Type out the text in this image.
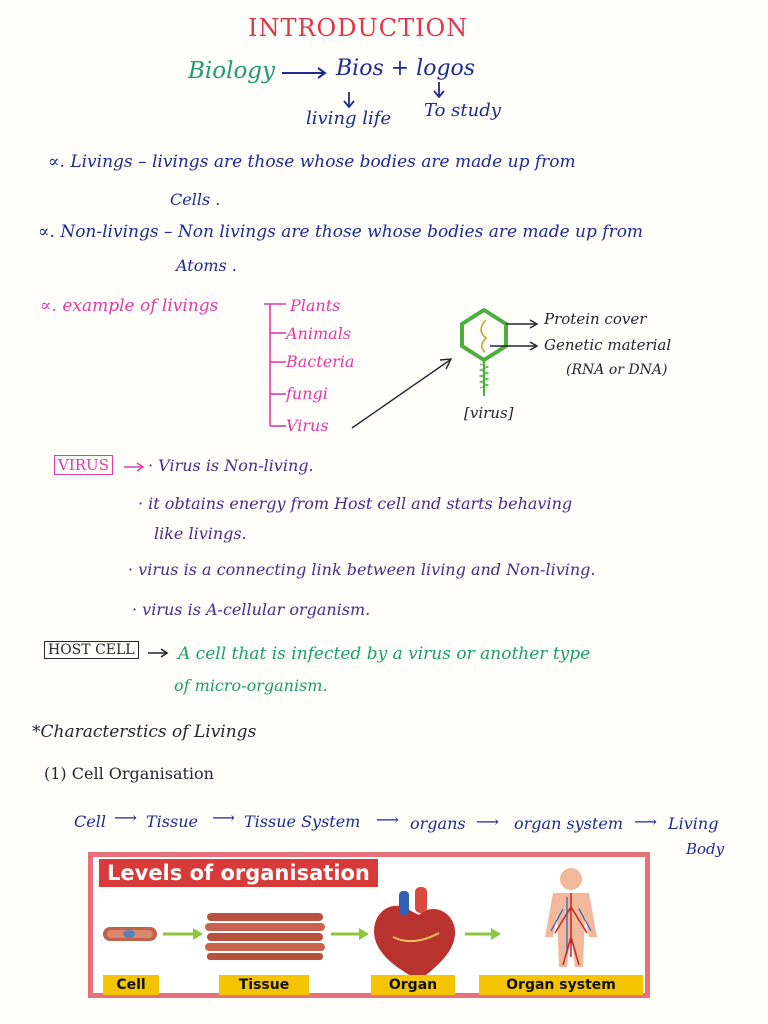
INTRODUCTION
Biology	Bios + logos
living life To study
∝. Livings – livings are those whose bodies are made up from
Cells .
∝. Non-livings – Non livings are those whose bodies are made up from
Atoms .
∝. example of livings	Plants
Animals
Bacteria
fungi
Virus
Protein cover
Genetic material
(RNA or DNA)
[virus]
VIRUS · Virus is Non-living.
· it obtains energy from Host cell and starts behaving
like livings.
· virus is a connecting link between living and Non-living.
· virus is A-cellular organism.
HOST CELL	A cell that is infected by a virus or another type
of micro-organism.
*Characterstics of Livings
(1) Cell Organisation
Cell ⟶ Tissue ⟶ Tissue System ⟶ organs ⟶ organ system ⟶ Living
Body
Levels of organisation
Cell	Tissue	Organ	Organ system
